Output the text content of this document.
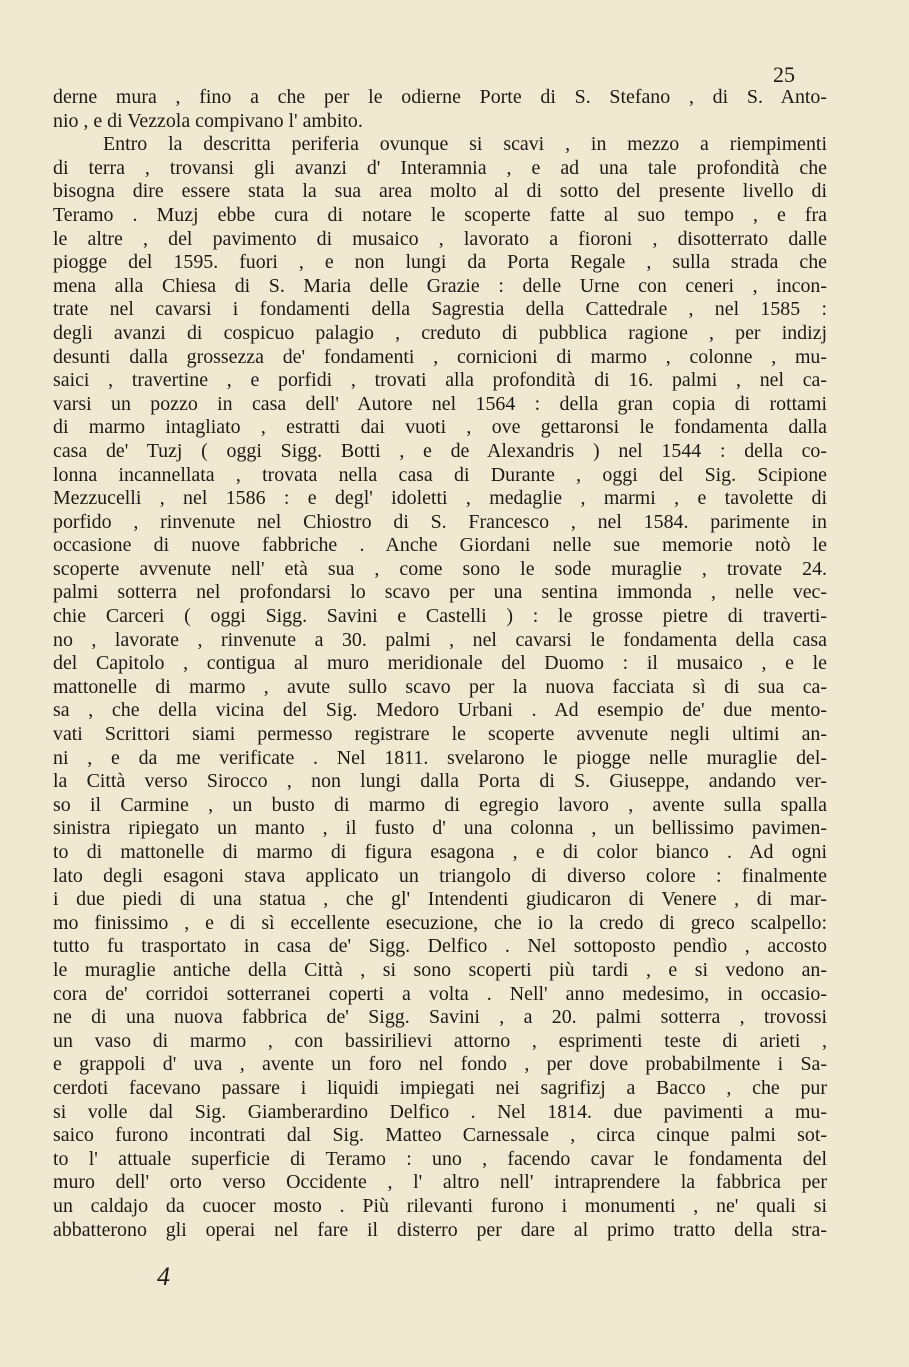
25
derne mura , fino a che per le odierne Porte di S. Stefano , di S. Anto-
nio , e di Vezzola compivano l' ambito.
Entro la descritta periferia ovunque si scavi , in mezzo a riempimenti
di terra , trovansi gli avanzi d' Interamnia , e ad una tale profondità che
bisogna dire essere stata la sua area molto al di sotto del presente livello di
Teramo . Muzj ebbe cura di notare le scoperte fatte al suo tempo , e fra
le altre , del pavimento di musaico , lavorato a fioroni , disotterrato dalle
piogge del 1595. fuori , e non lungi da Porta Regale , sulla strada che
mena alla Chiesa di S. Maria delle Grazie : delle Urne con ceneri , incon-
trate nel cavarsi i fondamenti della Sagrestia della Cattedrale , nel 1585 :
degli avanzi di cospicuo palagio , creduto di pubblica ragione , per indizj
desunti dalla grossezza de' fondamenti , cornicioni di marmo , colonne , mu-
saici , travertine , e porfidi , trovati alla profondità di 16. palmi , nel ca-
varsi un pozzo in casa dell' Autore nel 1564 : della gran copia di rottami
di marmo intagliato , estratti dai vuoti , ove gettaronsi le fondamenta dalla
casa de' Tuzj ( oggi Sigg. Botti , e de Alexandris ) nel 1544 : della co-
lonna incannellata , trovata nella casa di Durante , oggi del Sig. Scipione
Mezzucelli , nel 1586 : e degl' idoletti , medaglie , marmi , e tavolette di
porfido , rinvenute nel Chiostro di S. Francesco , nel 1584. parimente in
occasione di nuove fabbriche . Anche Giordani nelle sue memorie notò le
scoperte avvenute nell' età sua , come sono le sode muraglie , trovate 24.
palmi sotterra nel profondarsi lo scavo per una sentina immonda , nelle vec-
chie Carceri ( oggi Sigg. Savini e Castelli ) : le grosse pietre di traverti-
no , lavorate , rinvenute a 30. palmi , nel cavarsi le fondamenta della casa
del Capitolo , contigua al muro meridionale del Duomo : il musaico , e le
mattonelle di marmo , avute sullo scavo per la nuova facciata sì di sua ca-
sa , che della vicina del Sig. Medoro Urbani . Ad esempio de' due mento-
vati Scrittori siami permesso registrare le scoperte avvenute negli ultimi an-
ni , e da me verificate . Nel 1811. svelarono le piogge nelle muraglie del-
la Città verso Sirocco , non lungi dalla Porta di S. Giuseppe, andando ver-
so il Carmine , un busto di marmo di egregio lavoro , avente sulla spalla
sinistra ripiegato un manto , il fusto d' una colonna , un bellissimo pavimen-
to di mattonelle di marmo di figura esagona , e di color bianco . Ad ogni
lato degli esagoni stava applicato un triangolo di diverso colore : finalmente
i due piedi di una statua , che gl' Intendenti giudicaron di Venere , di mar-
mo finissimo , e di sì eccellente esecuzione, che io la credo di greco scalpello:
tutto fu trasportato in casa de' Sigg. Delfico . Nel sottoposto pendìo , accosto
le muraglie antiche della Città , si sono scoperti più tardi , e si vedono an-
cora de' corridoi sotterranei coperti a volta . Nell' anno medesimo, in occasio-
ne di una nuova fabbrica de' Sigg. Savini , a 20. palmi sotterra , trovossi
un vaso di marmo , con bassirilievi attorno , esprimenti teste di arieti ,
e grappoli d' uva , avente un foro nel fondo , per dove probabilmente i Sa-
cerdoti facevano passare i liquidi impiegati nei sagrifizj a Bacco , che pur
si volle dal Sig. Giamberardino Delfico . Nel 1814. due pavimenti a mu-
saico furono incontrati dal Sig. Matteo Carnessale , circa cinque palmi sot-
to l' attuale superficie di Teramo : uno , facendo cavar le fondamenta del
muro dell' orto verso Occidente , l' altro nell' intraprendere la fabbrica per
un caldajo da cuocer mosto . Più rilevanti furono i monumenti , ne' quali si
abbatterono gli operai nel fare il disterro per dare al primo tratto della stra-
4
